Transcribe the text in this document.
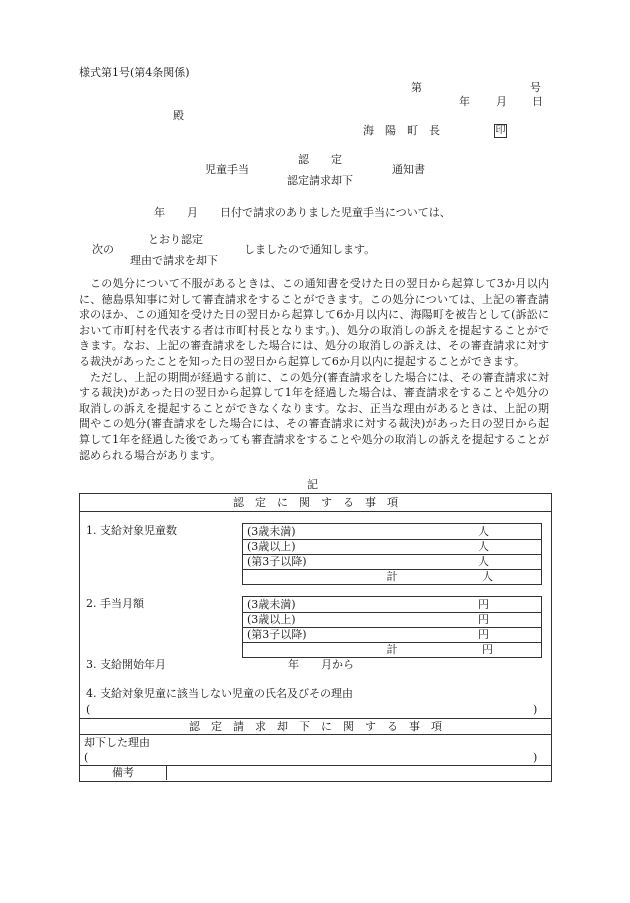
様式第1号(第4条関係)
第	号
年 月 日
殿
海　陽　町　長	印
認　　定
児童手当	通知書
認定請求却下
年　　月　　日付で請求のありました児童手当については、
とおり認定
次の	しましたので通知します。
理由で請求を却下

この処分について不服があるときは、この通知書を受けた日の翌日から起算して3か月以内に、徳島県知事に対して審査請求をすることができます。この処分については、上記の審査請求のほか、この通知を受けた日の翌日から起算して6か月以内に、海陽町を被告として(訴訟において市町村を代表する者は市町村長となります。)、処分の取消しの訴えを提起することができます。なお、上記の審査請求をした場合には、処分の取消しの訴えは、その審査請求に対する裁決があったことを知った日の翌日から起算して6か月以内に提起することができます。

ただし、上記の期間が経過する前に、この処分(審査請求をした場合には、その審査請求に対する裁決)があった日の翌日から起算して1年を経過した場合は、審査請求をすることや処分の取消しの訴えを提起することができなくなります。なお、正当な理由があるときは、上記の期間やこの処分(審査請求をした場合には、その審査請求に対する裁決)があった日の翌日から起算して1年を経過した後であっても審査請求をすることや処分の取消しの訴えを提起することが認められる場合があります。

記
認　定　に　関　す　る　事　項
1. 支給対象児童数	(3歳未満)	人
(3歳以上)	人
(第3子以降)	人
計	人
2. 手当月額	(3歳未満)	円
(3歳以上)	円
(第3子以降)	円
計	円
3. 支給開始年月	年　　月から
4. 支給対象児童に該当しない児童の氏名及びその理由
(	)
認　定　請　求　却　下　に　関　す　る　事　項
却下した理由
(	)
備考
